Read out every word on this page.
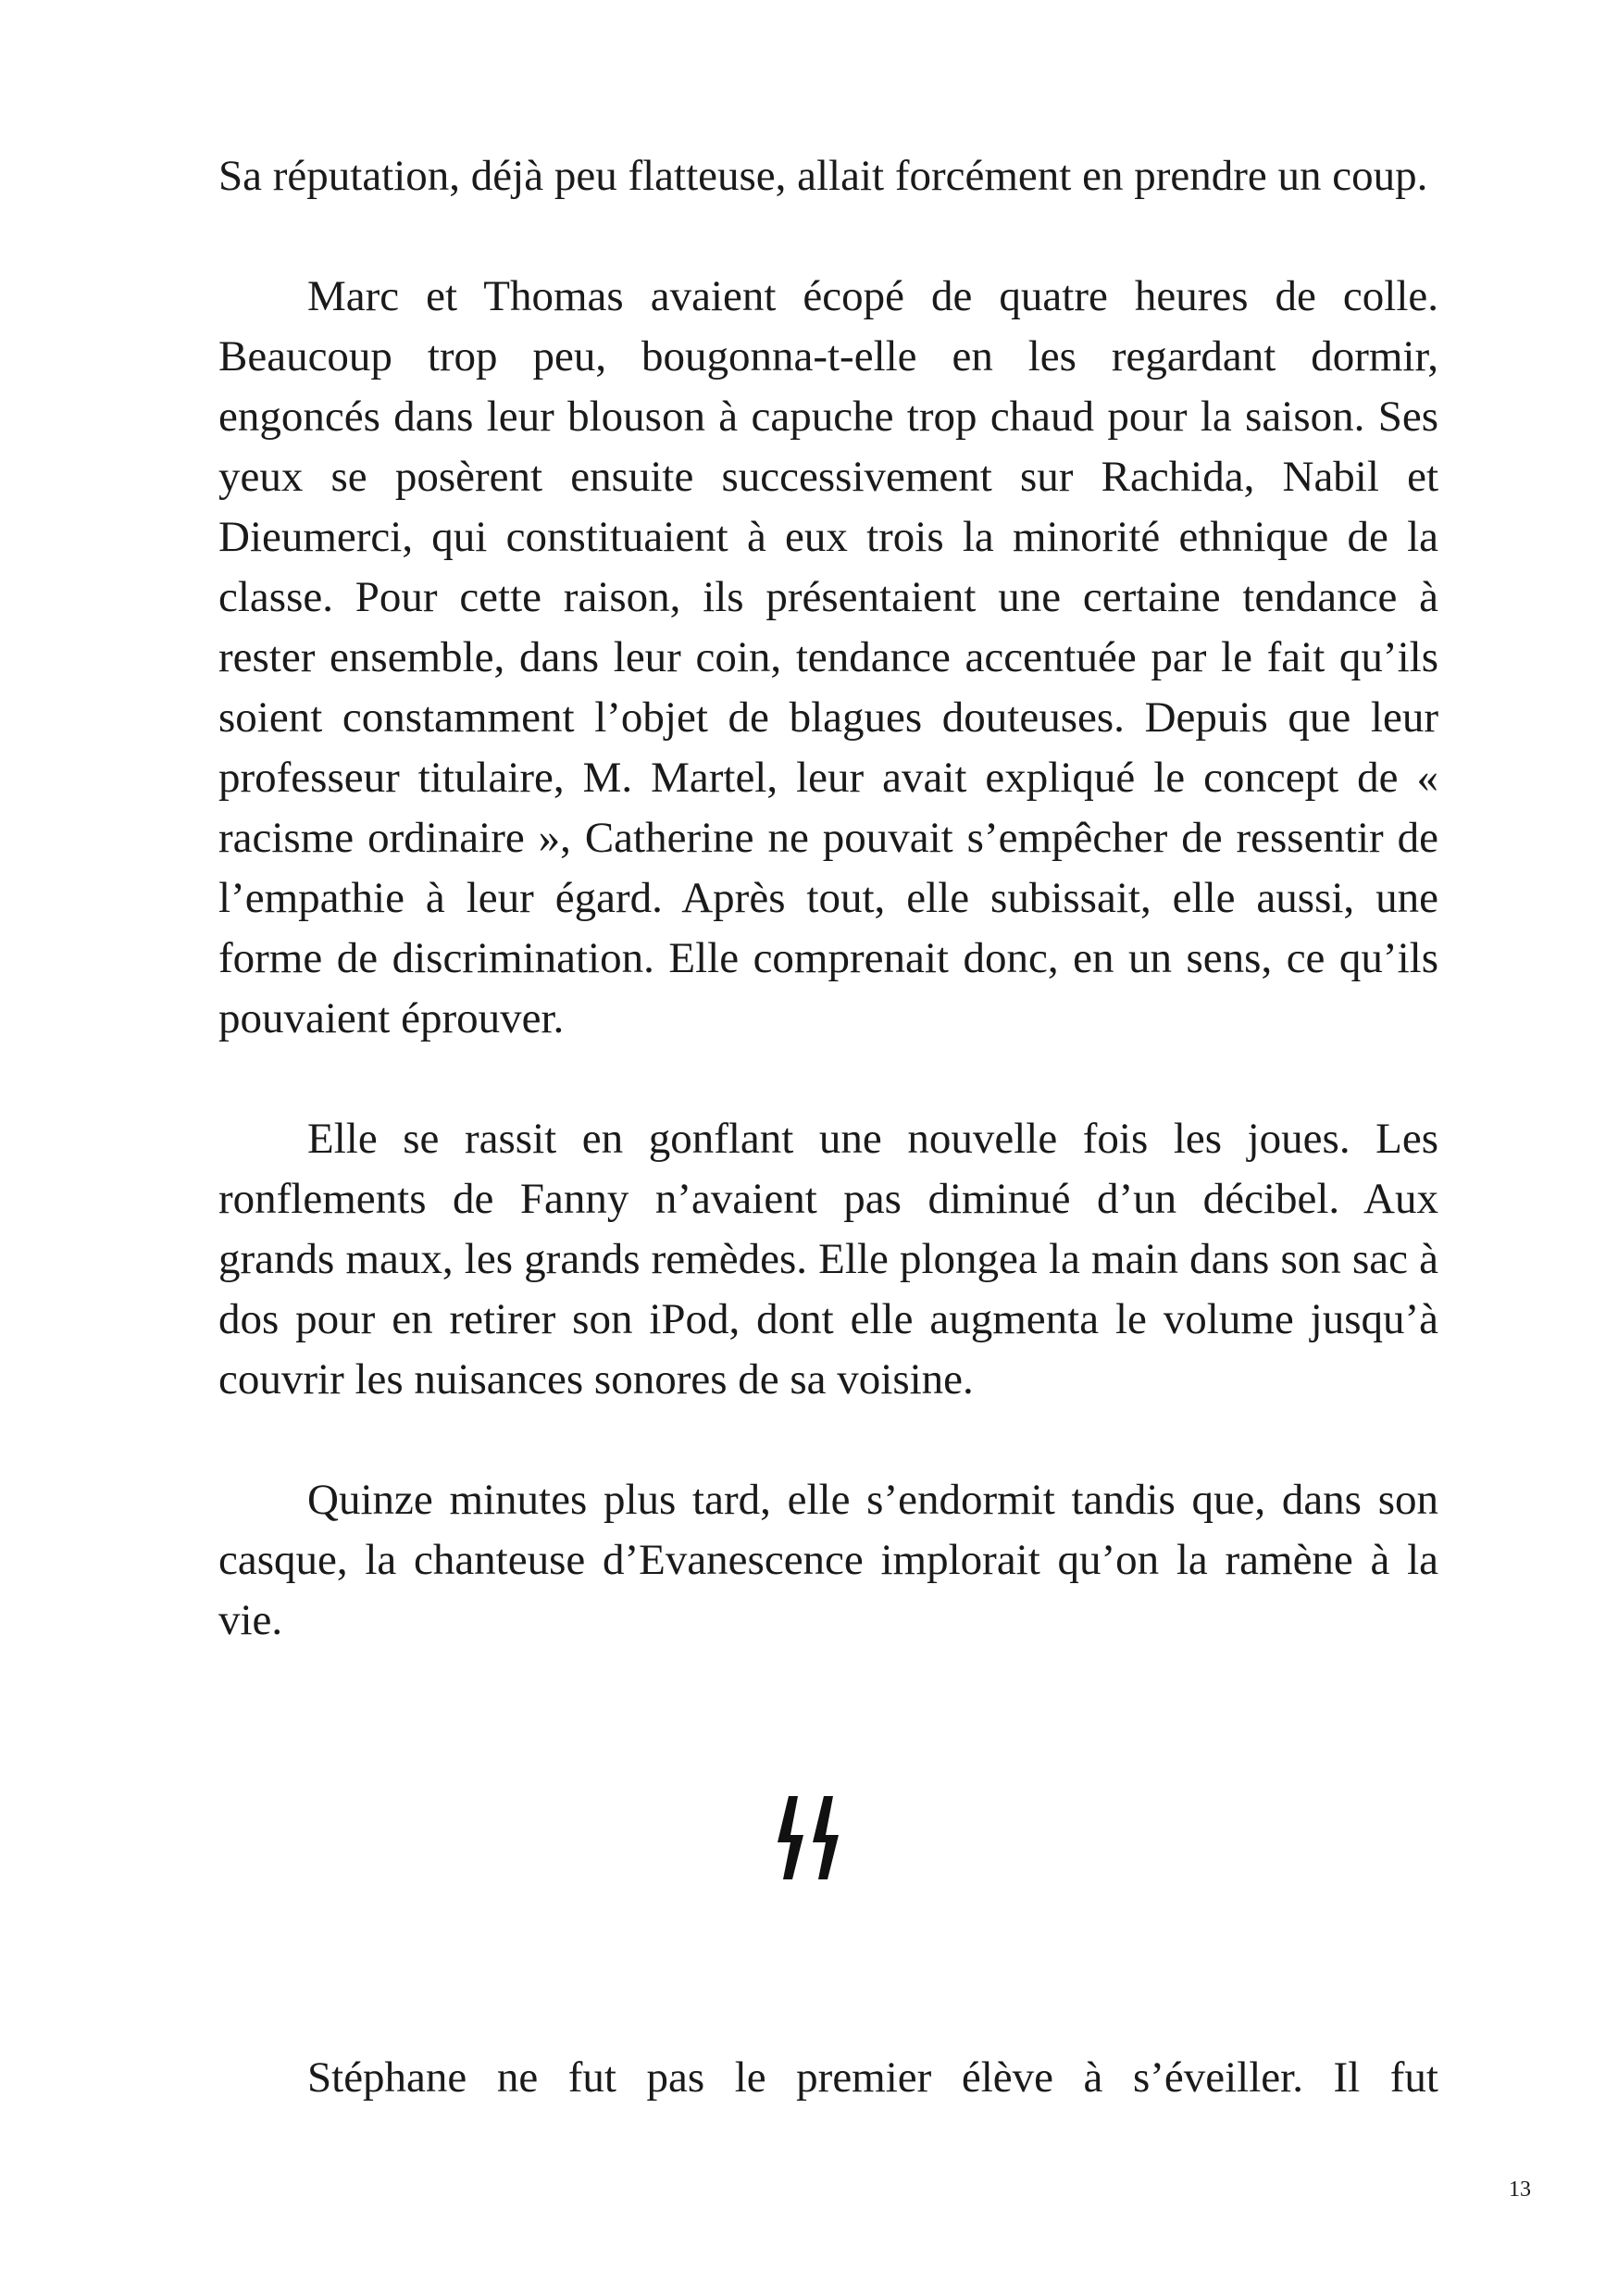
Sa réputation, déjà peu flatteuse, allait forcément en prendre un coup.

Marc et Thomas avaient écopé de quatre heures de colle. Beaucoup trop peu, bougonna-t-elle en les regardant dormir, engoncés dans leur blouson à capuche trop chaud pour la saison. Ses yeux se posèrent ensuite successivement sur Rachida, Nabil et Dieumerci, qui constituaient à eux trois la minorité ethnique de la classe. Pour cette raison, ils présentaient une certaine tendance à rester ensemble, dans leur coin, tendance accentuée par le fait qu’ils soient constamment l’objet de blagues douteuses. Depuis que leur professeur titulaire, M. Martel, leur avait expliqué le concept de « racisme ordinaire », Catherine ne pouvait s’empêcher de ressentir de l’empathie à leur égard. Après tout, elle subissait, elle aussi, une forme de discrimination. Elle comprenait donc, en un sens, ce qu’ils pouvaient éprouver.

Elle se rassit en gonflant une nouvelle fois les joues. Les ronflements de Fanny n’avaient pas diminué d’un décibel. Aux grands maux, les grands remèdes. Elle plongea la main dans son sac à dos pour en retirer son iPod, dont elle augmenta le volume jusqu’à couvrir les nuisances sonores de sa voisine.

Quinze minutes plus tard, elle s’endormit tandis que, dans son casque, la chanteuse d’Evanescence implorait qu’on la ramène à la vie.

Stéphane ne fut pas le premier élève à s’éveiller. Il fut
13
